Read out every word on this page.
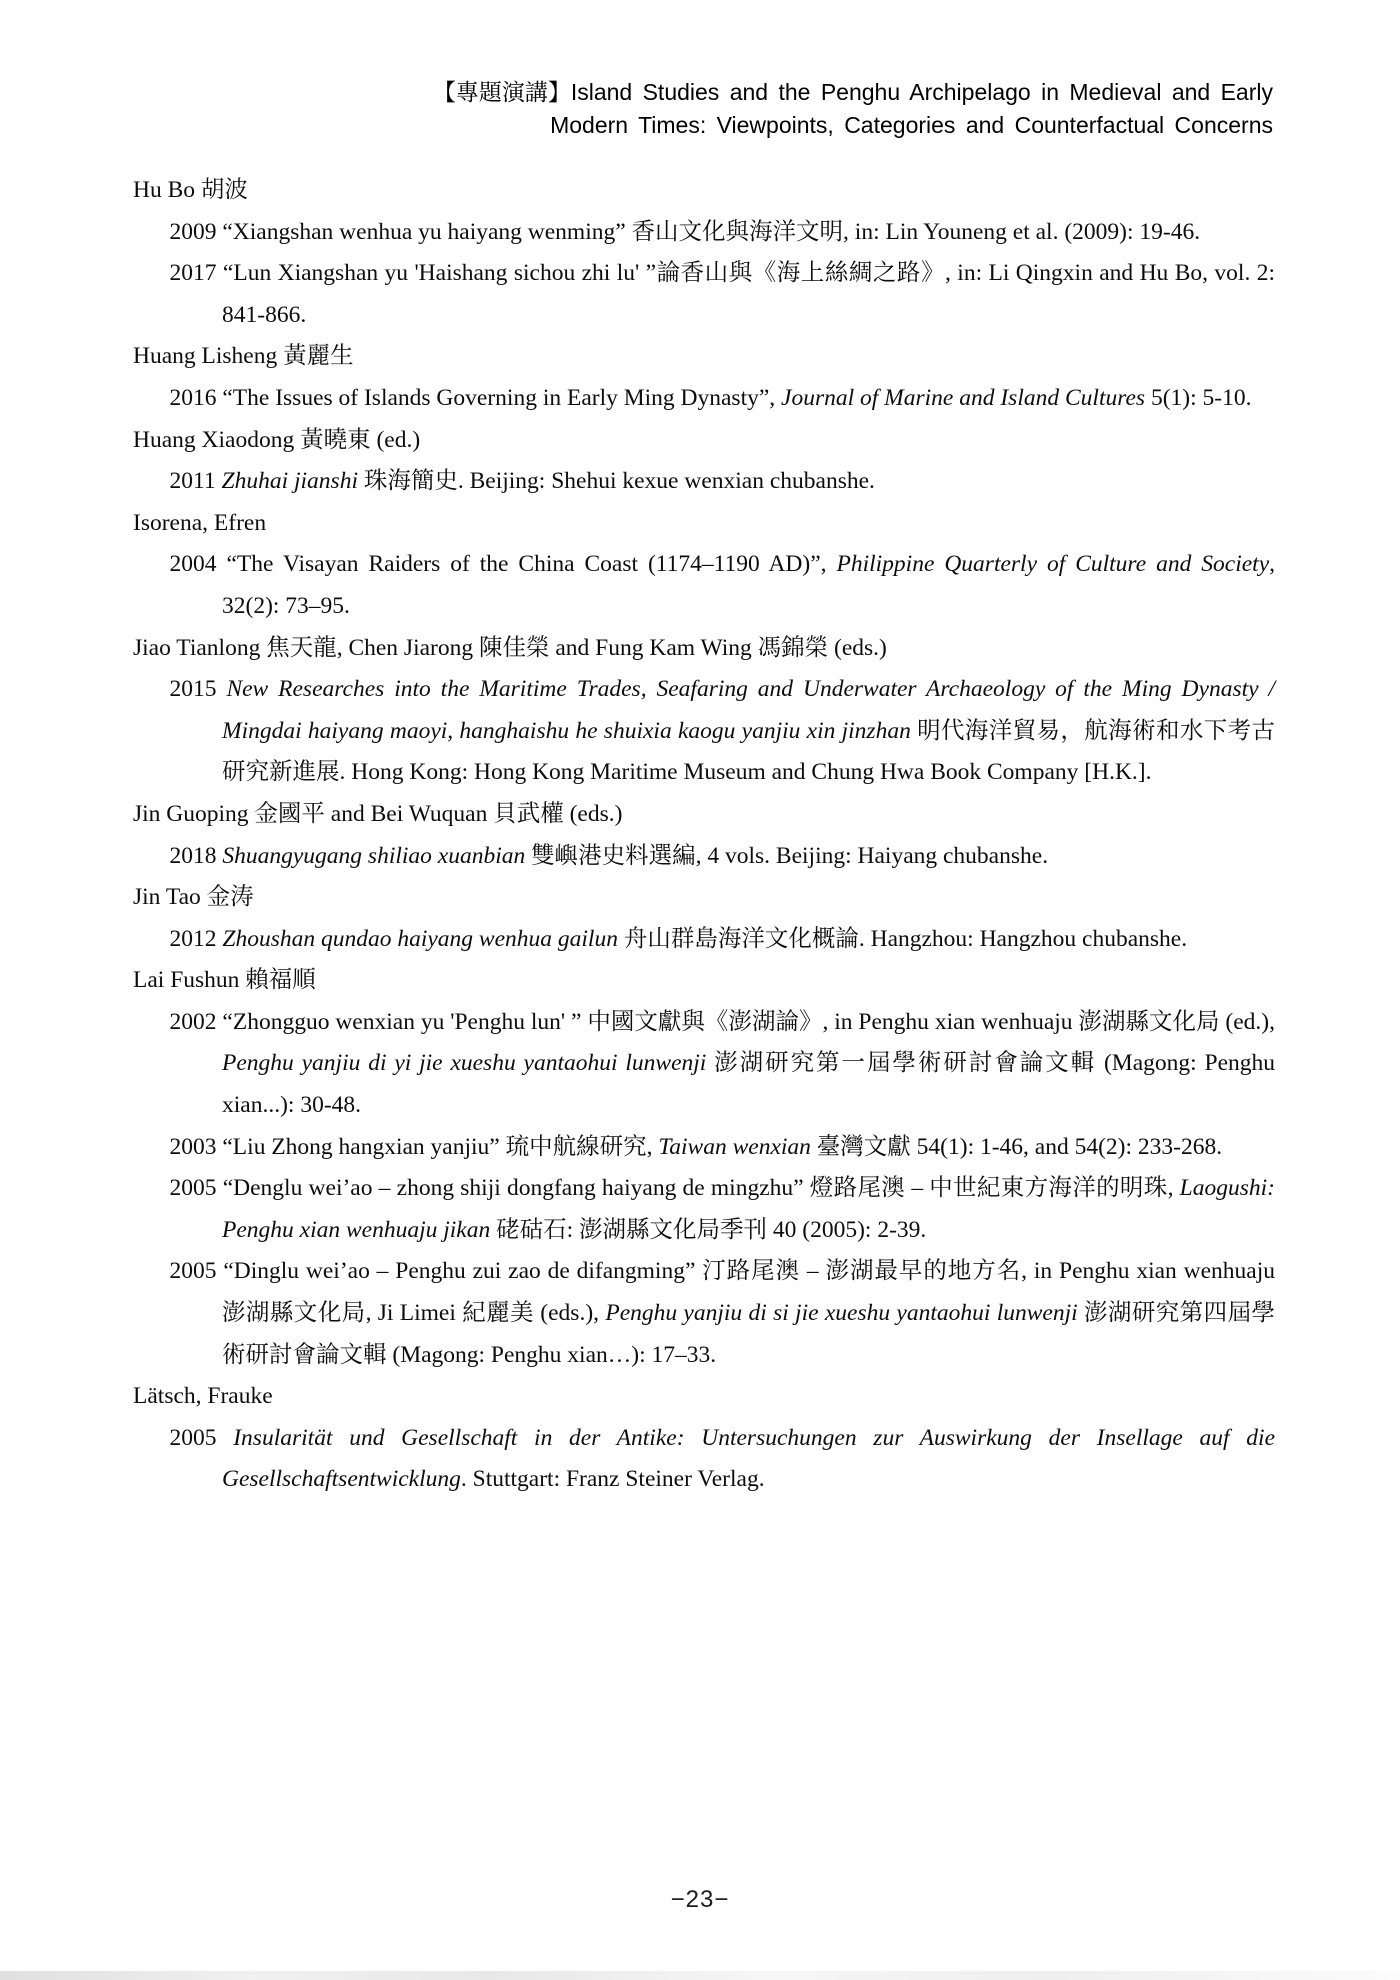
【專題演講】Island Studies and the Penghu Archipelago in Medieval and Early
Modern Times: Viewpoints, Categories and Counterfactual Concerns
Hu Bo 胡波
2009 “Xiangshan wenhua yu haiyang wenming” 香山文化與海洋文明, in: Lin Youneng et al. (2009): 19-46.
2017 “Lun Xiangshan yu 'Haishang sichou zhi lu' ”論香山與《海上絲綢之路》, in: Li Qingxin and Hu Bo, vol. 2: 841-866.
Huang Lisheng 黃麗生
2016 “The Issues of Islands Governing in Early Ming Dynasty”, Journal of Marine and Island Cultures 5(1): 5-10.
Huang Xiaodong 黃曉東 (ed.)
2011 Zhuhai jianshi 珠海簡史. Beijing: Shehui kexue wenxian chubanshe.
Isorena, Efren
2004 “The Visayan Raiders of the China Coast (1174–1190 AD)”, Philippine Quarterly of Culture and Society, 32(2): 73–95.
Jiao Tianlong 焦天龍, Chen Jiarong 陳佳榮 and Fung Kam Wing 馮錦榮 (eds.)
2015 New Researches into the Maritime Trades, Seafaring and Underwater Archaeology of the Ming Dynasty / Mingdai haiyang maoyi, hanghaishu he shuixia kaogu yanjiu xin jinzhan 明代海洋貿易，航海術和水下考古研究新進展. Hong Kong: Hong Kong Maritime Museum and Chung Hwa Book Company [H.K.].
Jin Guoping 金國平 and Bei Wuquan 貝武權 (eds.)
2018 Shuangyugang shiliao xuanbian 雙嶼港史料選編, 4 vols. Beijing: Haiyang chubanshe.
Jin Tao 金涛
2012 Zhoushan qundao haiyang wenhua gailun 舟山群島海洋文化概論. Hangzhou: Hangzhou chubanshe.
Lai Fushun 賴福順
2002 “Zhongguo wenxian yu 'Penghu lun' ” 中國文獻與《澎湖論》, in Penghu xian wenhuaju 澎湖縣文化局 (ed.), Penghu yanjiu di yi jie xueshu yantaohui lunwenji 澎湖研究第一屆學術研討會論文輯 (Magong: Penghu xian...): 30-48.
2003 “Liu Zhong hangxian yanjiu” 琉中航線研究, Taiwan wenxian 臺灣文獻 54(1): 1-46, and 54(2): 233-268.
2005 “Denglu wei’ao – zhong shiji dongfang haiyang de mingzhu” 燈路尾澳 – 中世紀東方海洋的明珠, Laogushi: Penghu xian wenhuaju jikan 硓𥑮石: 澎湖縣文化局季刊 40 (2005): 2-39.
2005 “Dinglu wei’ao – Penghu zui zao de difangming” 汀路尾澳 – 澎湖最早的地方名, in Penghu xian wenhuaju 澎湖縣文化局, Ji Limei 紀麗美 (eds.), Penghu yanjiu di si jie xueshu yantaohui lunwenji 澎湖研究第四屆學術研討會論文輯 (Magong: Penghu xian…): 17–33.
Lätsch, Frauke
2005 Insularität und Gesellschaft in der Antike: Untersuchungen zur Auswirkung der Insellage auf die Gesellschaftsentwicklung. Stuttgart: Franz Steiner Verlag.
−23−
